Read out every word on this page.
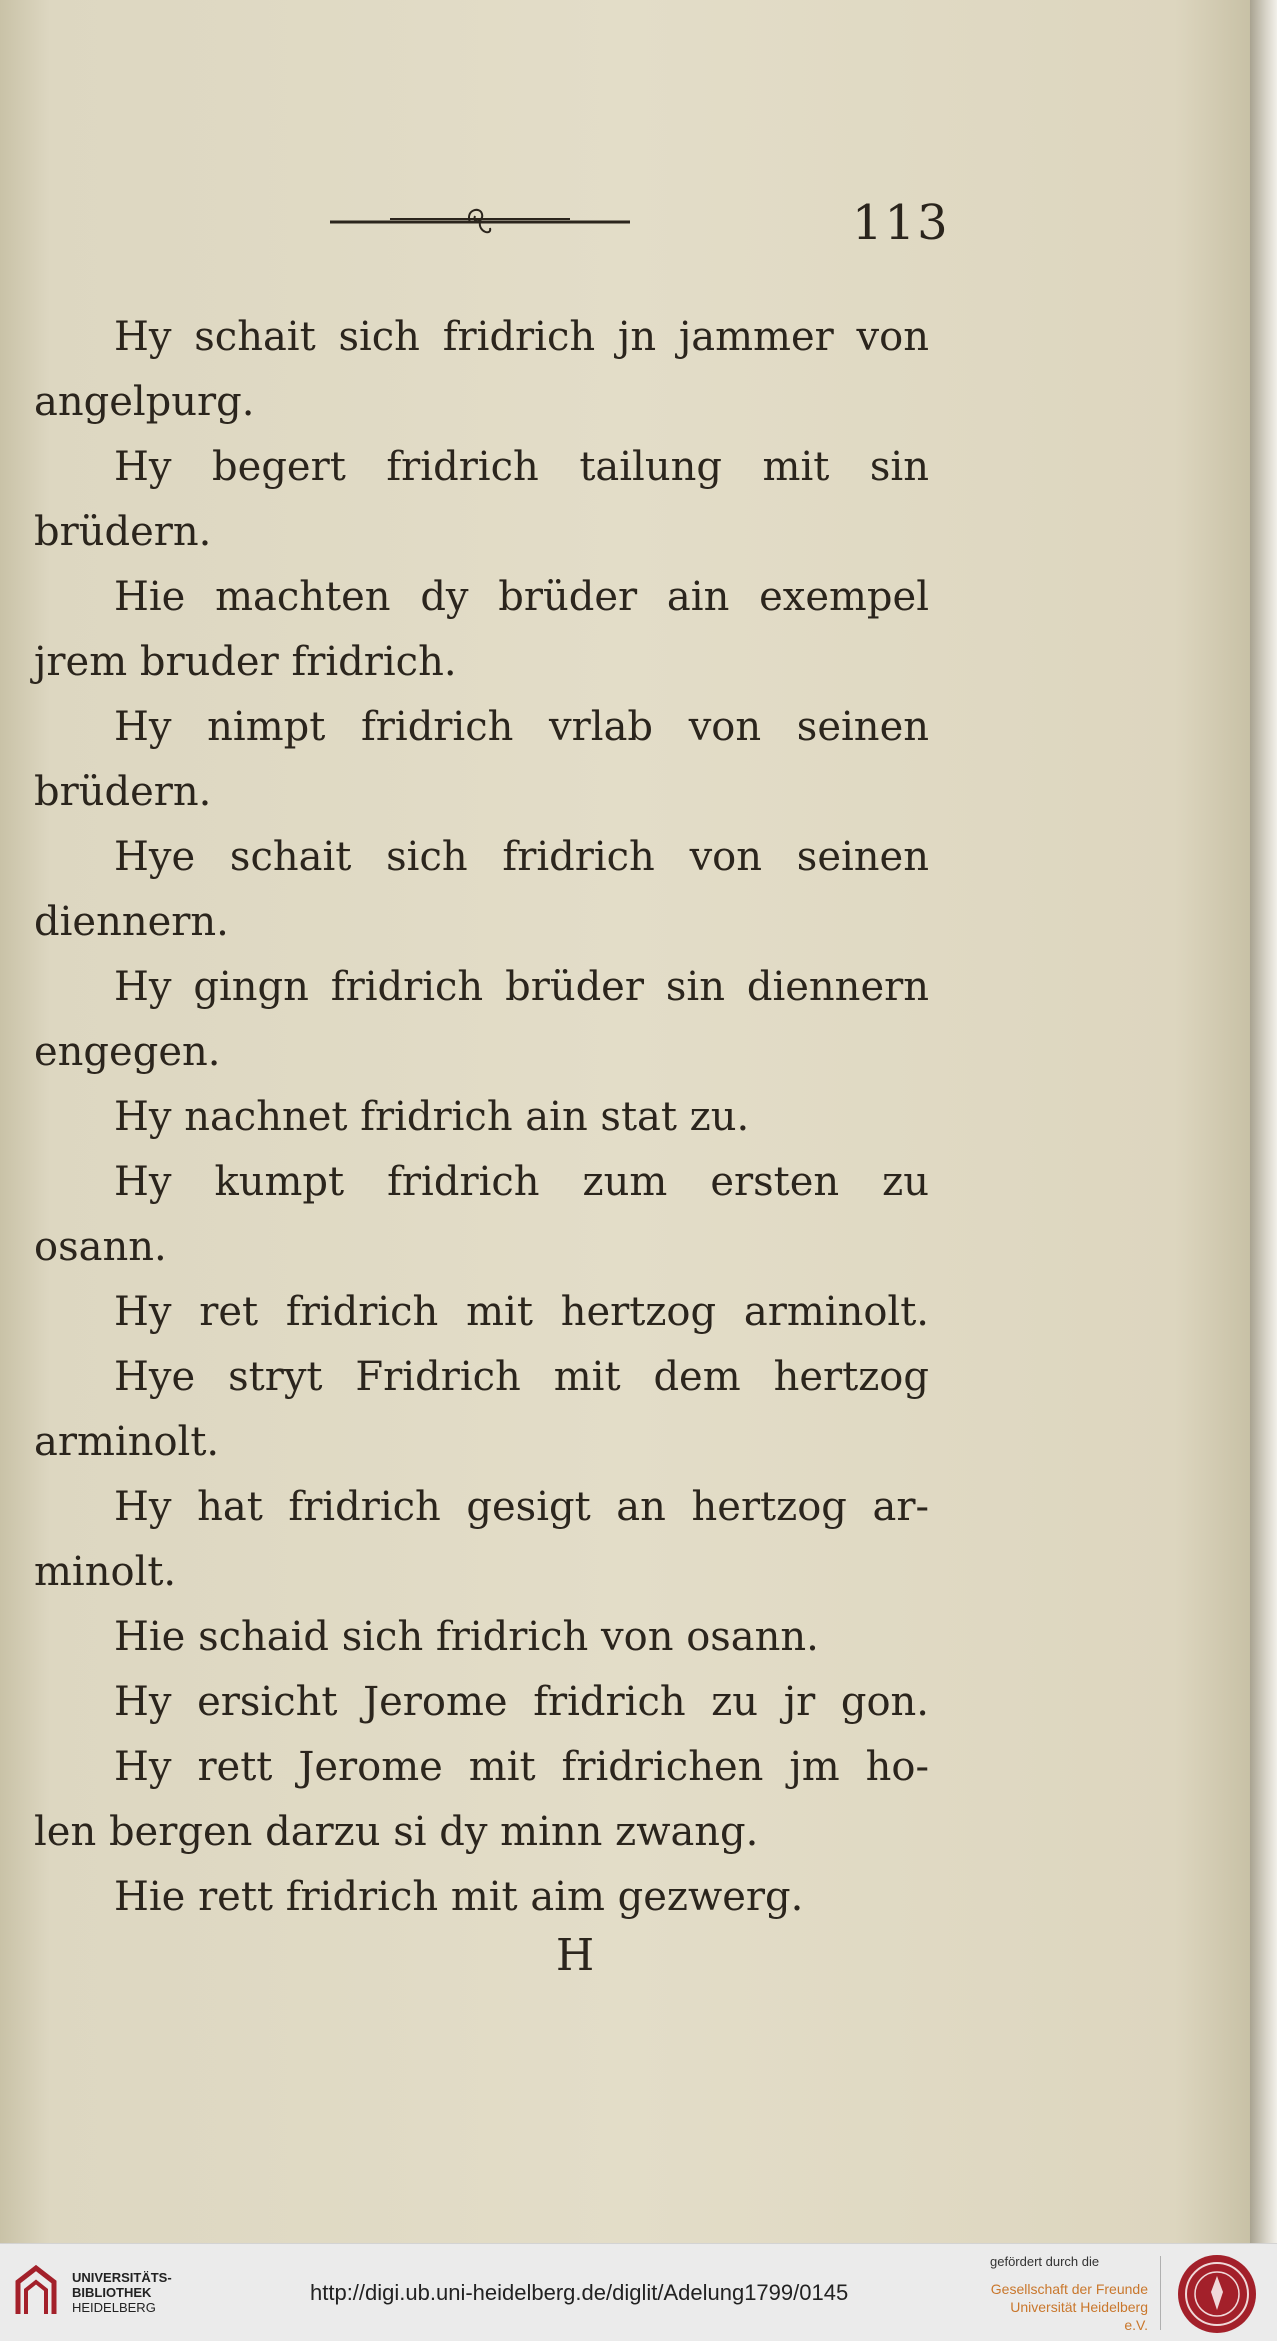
113
Hy schait sich fridrich jn jammer von
angelpurg.
Hy begert fridrich tailung mit sin
brüdern.
Hie machten dy brüder ain exempel
jrem bruder fridrich.
Hy nimpt fridrich vrlab von seinen
brüdern.
Hye schait sich fridrich von seinen
diennern.
Hy gingn fridrich brüder sin diennern
engegen.
Hy nachnet fridrich ain stat zu.
Hy kumpt fridrich zum ersten zu
osann.
Hy ret fridrich mit hertzog arminolt.
Hye stryt Fridrich mit dem hertzog
arminolt.
Hy hat fridrich gesigt an hertzog ar-
minolt.
Hie schaid sich fridrich von osann.
Hy ersicht Jerome fridrich zu jr gon.
Hy rett Jerome mit fridrichen jm ho-
len bergen darzu si dy minn zwang.
Hie rett fridrich mit aim gezwerg.
H
UNIVERSITÄTS-
BIBLIOTHEK
HEIDELBERG
http://digi.ub.uni-heidelberg.de/diglit/Adelung1799/0145
gefördert durch die
Gesellschaft der Freunde
Universität Heidelberg e.V.
